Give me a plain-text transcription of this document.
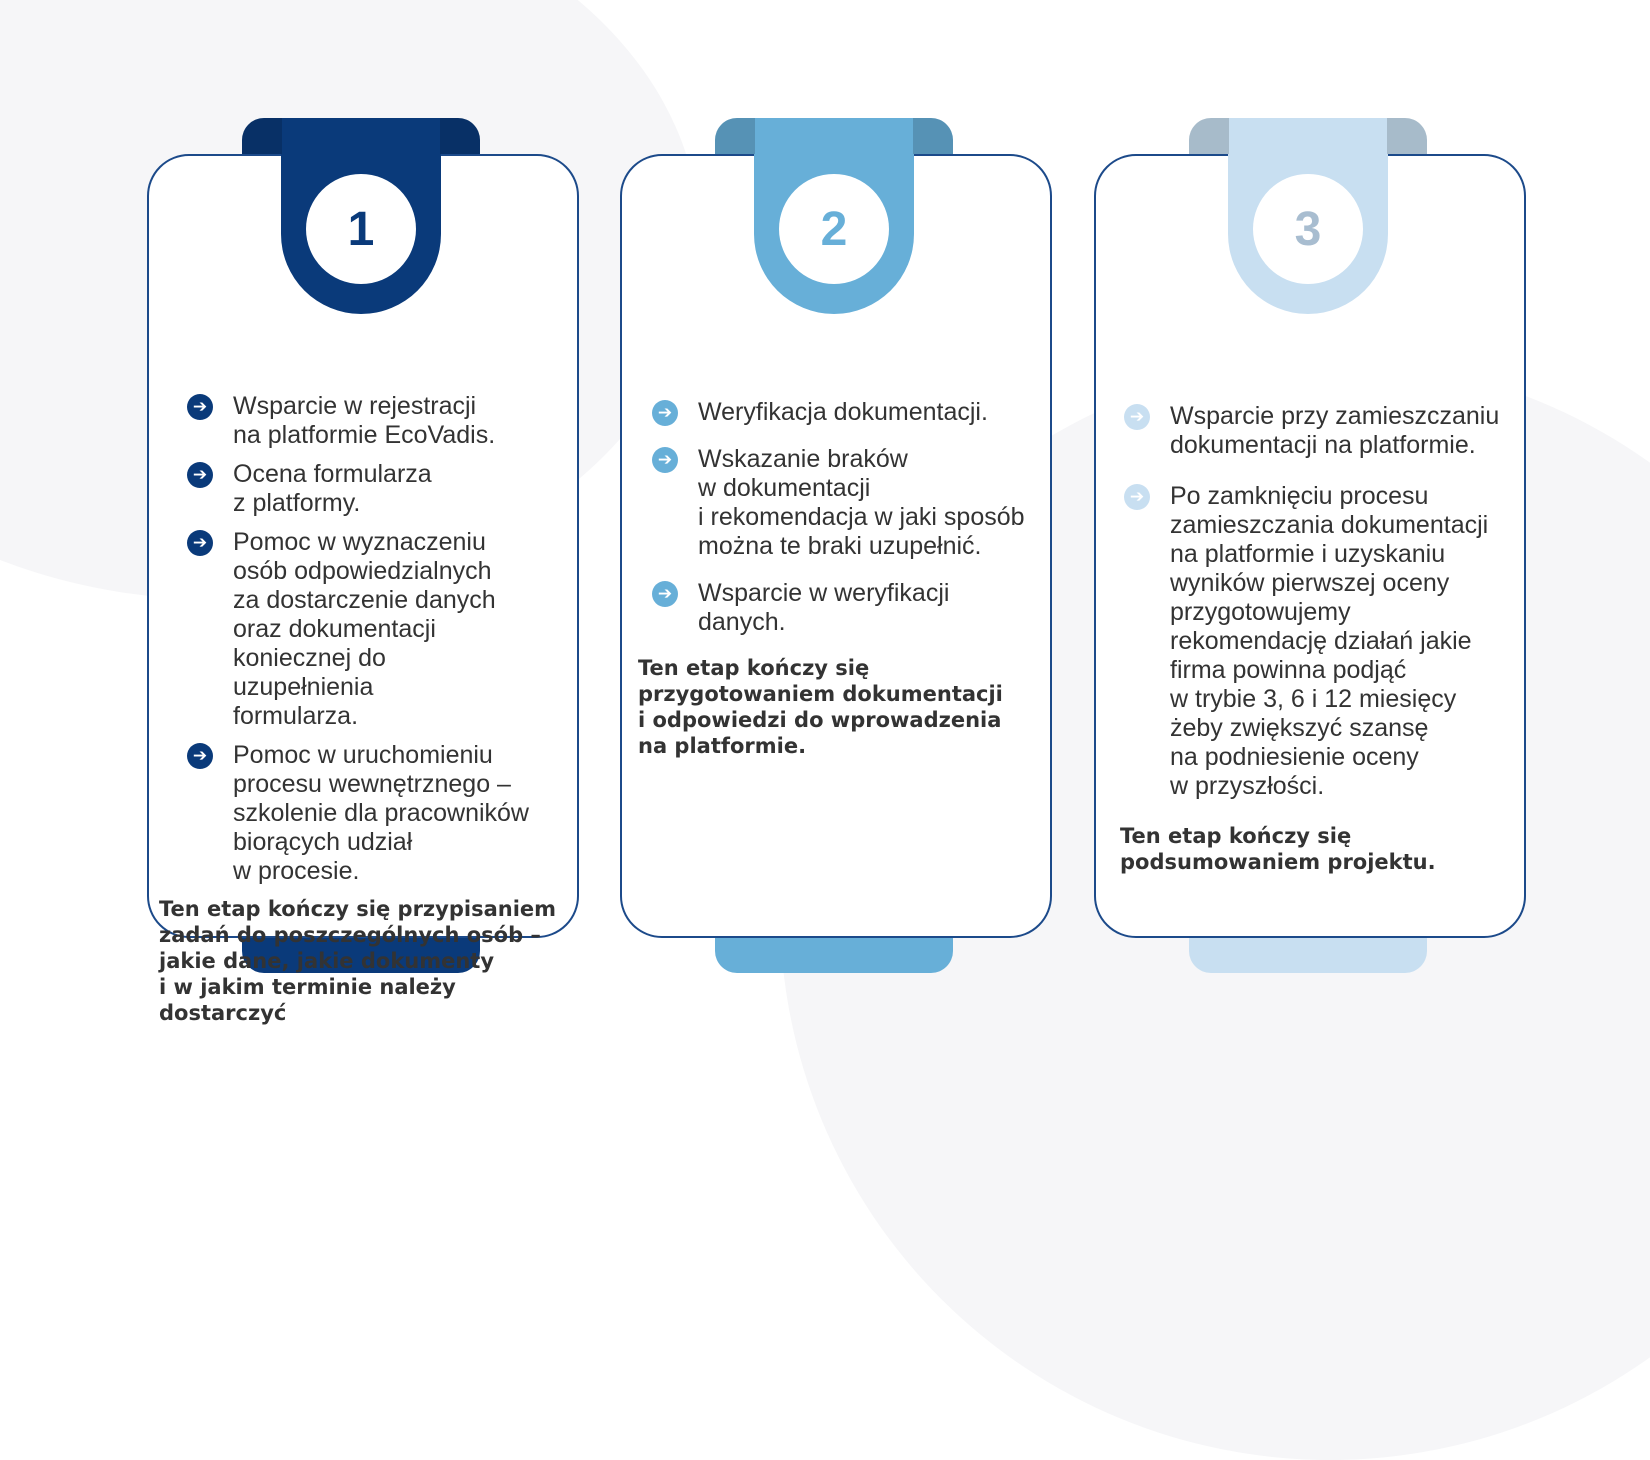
1
➔ Wsparcie w rejestracji
na platformie EcoVadis.
➔ Ocena formularza
z platformy.
➔ Pomoc w wyznaczeniu
osób odpowiedzialnych
za dostarczenie danych
oraz dokumentacji
koniecznej do
uzupełnienia
formularza.
➔ Pomoc w uruchomieniu
procesu wewnętrznego –
szkolenie dla pracowników
biorących udział
w procesie.
Ten etap kończy się przypisaniem
zadań do poszczególnych osób –
jakie dane, jakie dokumenty
i w jakim terminie należy
dostarczyć
2
➔ Weryfikacja dokumentacji.
➔ Wskazanie braków
w dokumentacji
i rekomendacja w jaki sposób
można te braki uzupełnić.
➔ Wsparcie w weryfikacji
danych.
Ten etap kończy się
przygotowaniem dokumentacji
i odpowiedzi do wprowadzenia
na platformie.
3
➔ Wsparcie przy zamieszczaniu
dokumentacji na platformie.
➔ Po zamknięciu procesu
zamieszczania dokumentacji
na platformie i uzyskaniu
wyników pierwszej oceny
przygotowujemy
rekomendację działań jakie
firma powinna podjąć
w trybie 3, 6 i 12 miesięcy
żeby zwiększyć szansę
na podniesienie oceny
w przyszłości.
Ten etap kończy się
podsumowaniem projektu.
